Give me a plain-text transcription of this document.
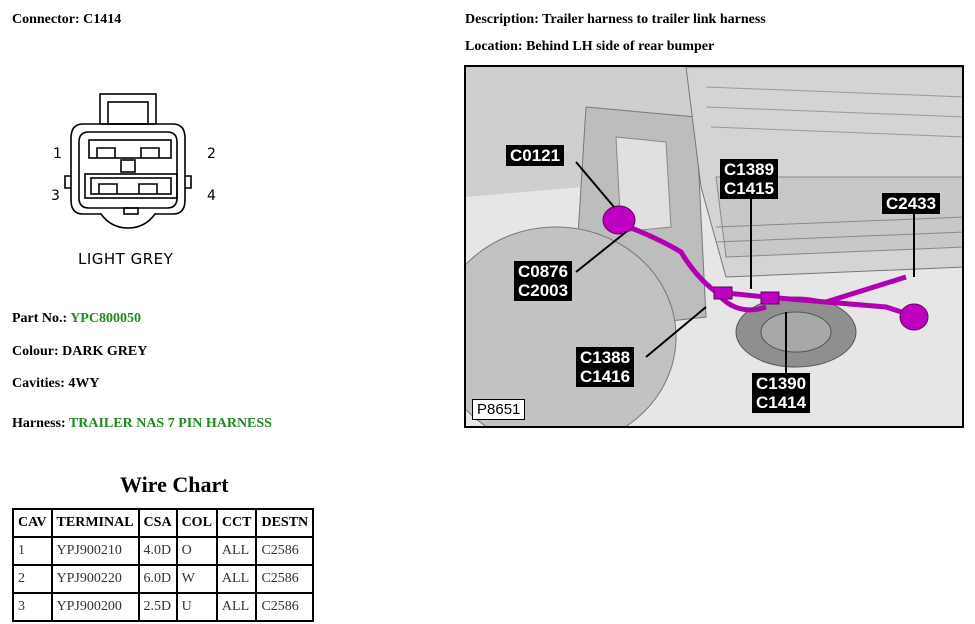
Connector: C1414	Description: Trailer harness to trailer link harness
Location: Behind LH side of rear bumper
1	2
3	4
LIGHT GREY
Part No.: YPC800050
Colour: DARK GREY
Cavities: 4WY
Harness: TRAILER NAS 7 PIN HARNESS
C0121
C1389
C1415
C2433
C0876
C2003
C1388
C1416	C1390
C1414
P8651
Wire Chart
CAV	TERMINAL	CSA	COL	CCT	DESTN
1	YPJ900210	4.0D	O	ALL	C2586
2	YPJ900220	6.0D	W	ALL	C2586
3	YPJ900200	2.5D	U	ALL	C2586
